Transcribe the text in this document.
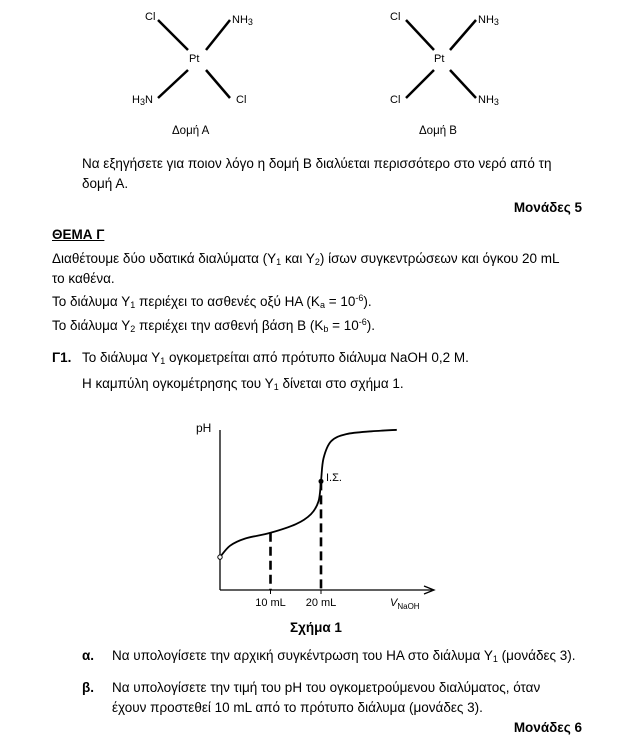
Cl	$NH_3$
Pt
$H_3N$	Cl
Δομή Α
Cl	$NH_3$
Pt
Cl	$NH_3$
Δομή Β
Να εξηγήσετε για ποιον λόγο η δομή Β διαλύεται περισσότερο στο νερό από τη
δομή Α.
Μονάδες 5
ΘΕΜΑ Γ
Διαθέτουμε δύο υδατικά διαλύματα ($\Upsilon_1$ και $\Upsilon_2$) ίσων συγκεντρώσεων και όγκου 20 mL
το καθένα.
Το διάλυμα $\Upsilon_1$ περιέχει το ασθενές οξύ ΗΑ $(K_a = 10^{-6})$.
Το διάλυμα $\Upsilon_2$ περιέχει την ασθενή βάση Β $(K_b = 10^{-6})$.
Γ1. Το διάλυμα $\Upsilon_1$ ογκομετρείται από πρότυπο διάλυμα NaOH 0,2 M.
Η καμπύλη ογκομέτρησης του $\Upsilon_1$ δίνεται στο σχήμα 1.
pH
Ι.Σ.
10 mL 20 mL	$V_{NaOH}$
Σχήμα 1
α. Να υπολογίσετε την αρχική συγκέντρωση του ΗΑ στο διάλυμα $\Upsilon_1$ (μονάδες 3).
β. Να υπολογίσετε την τιμή του pH του ογκομετρούμενου διαλύματος, όταν
έχουν προστεθεί 10 mL από το πρότυπο διάλυμα (μονάδες 3).
Μονάδες 6
